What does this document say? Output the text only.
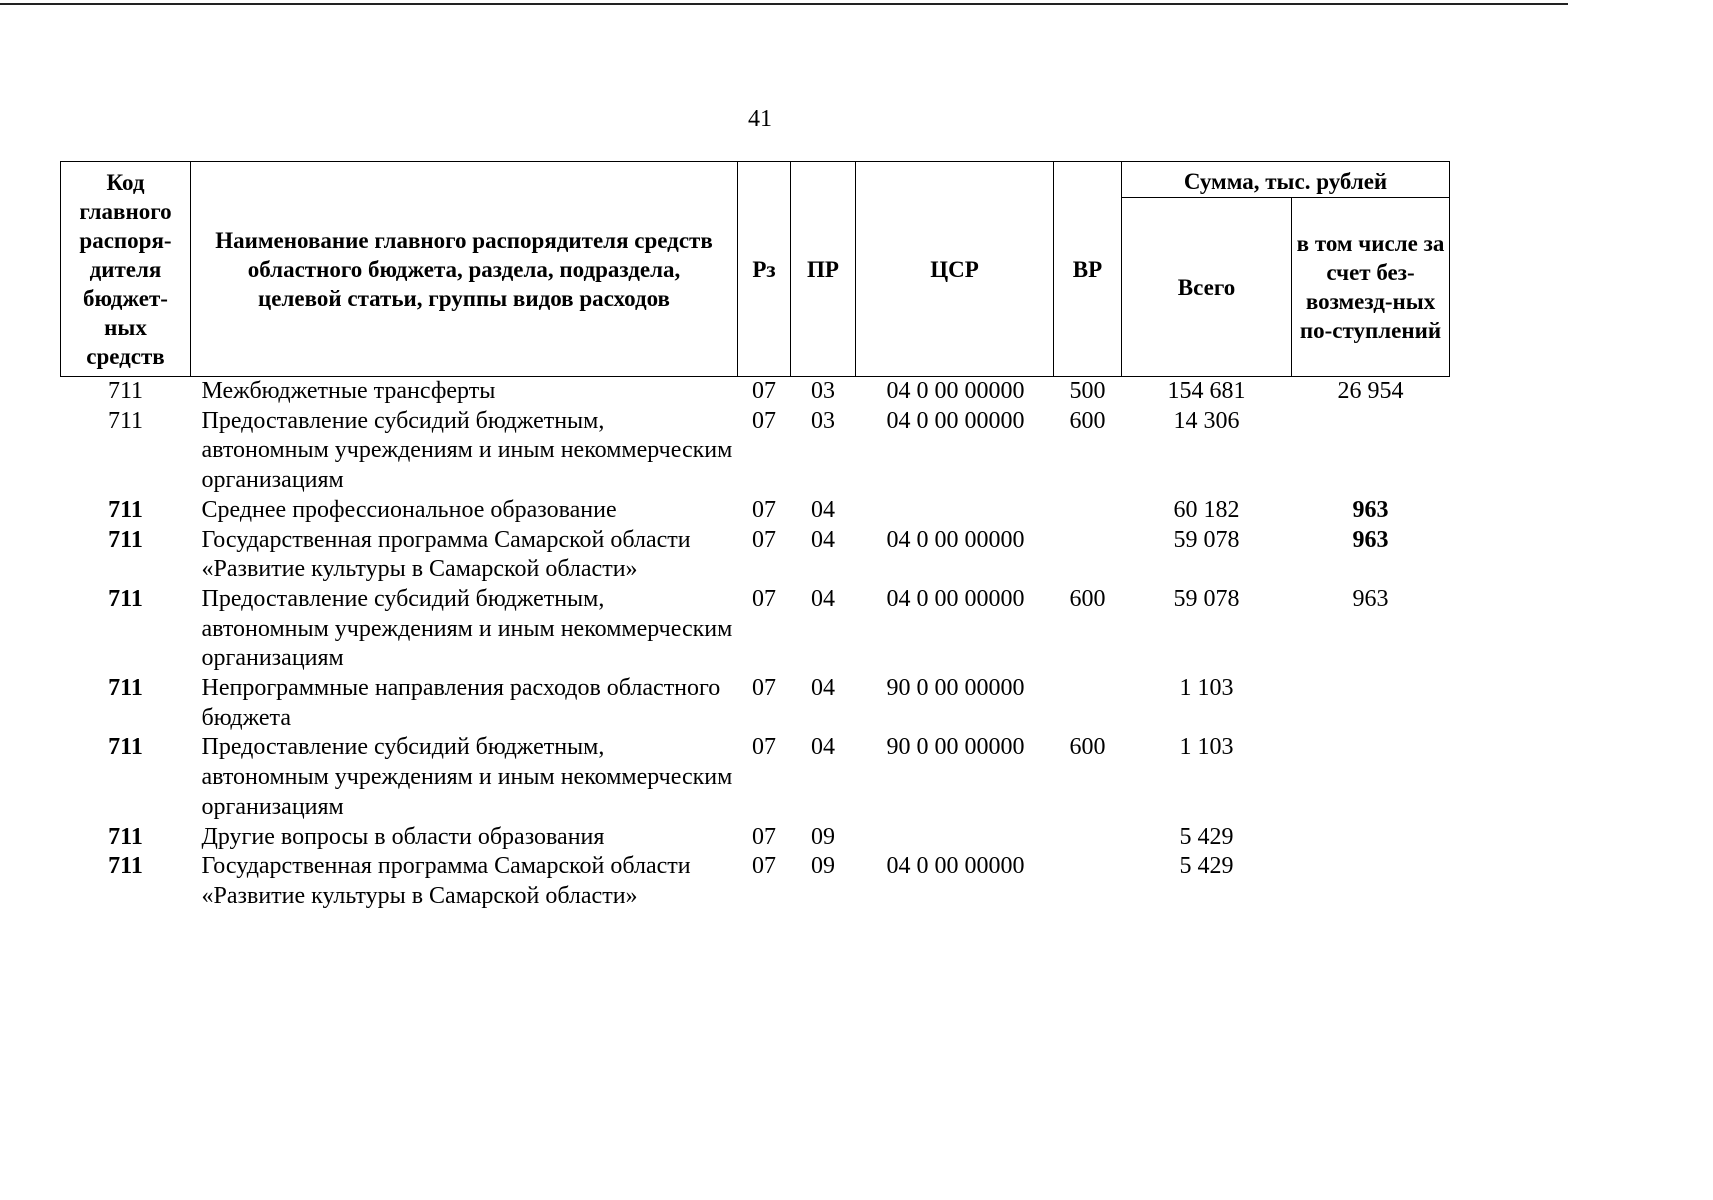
41
Код главного распоря-дителя бюджет-ных средств	Наименование главного распорядителя средств областного бюджета, раздела, подраздела, целевой статьи, группы видов расходов	Рз	ПР	ЦСР	ВР	Сумма, тыс. рублей	
						Всего	в том числе за счет без-возмезд-ных по-ступлений
711	Межбюджетные трансферты	07	03	04 0 00 00000	500	154 681	26 954
711	Предоставление субсидий бюджетным, автономным учреждениям и иным некоммерческим организациям	07	03	04 0 00 00000	600	14 306	
711	Среднее профессиональное образование	07	04			60 182	963
711	Государственная программа Самарской области «Развитие культуры в Самарской области»	07	04	04 0 00 00000		59 078	963
711	Предоставление субсидий бюджетным, автономным учреждениям и иным некоммерческим организациям	07	04	04 0 00 00000	600	59 078	963
711	Непрограммные направления расходов областного бюджета	07	04	90 0 00 00000		1 103	
711	Предоставление субсидий бюджетным, автономным учреждениям и иным некоммерческим организациям	07	04	90 0 00 00000	600	1 103	
711	Другие вопросы в области образования	07	09			5 429	
711	Государственная программа Самарской области «Развитие культуры в Самарской области»	07	09	04 0 00 00000		5 429	
